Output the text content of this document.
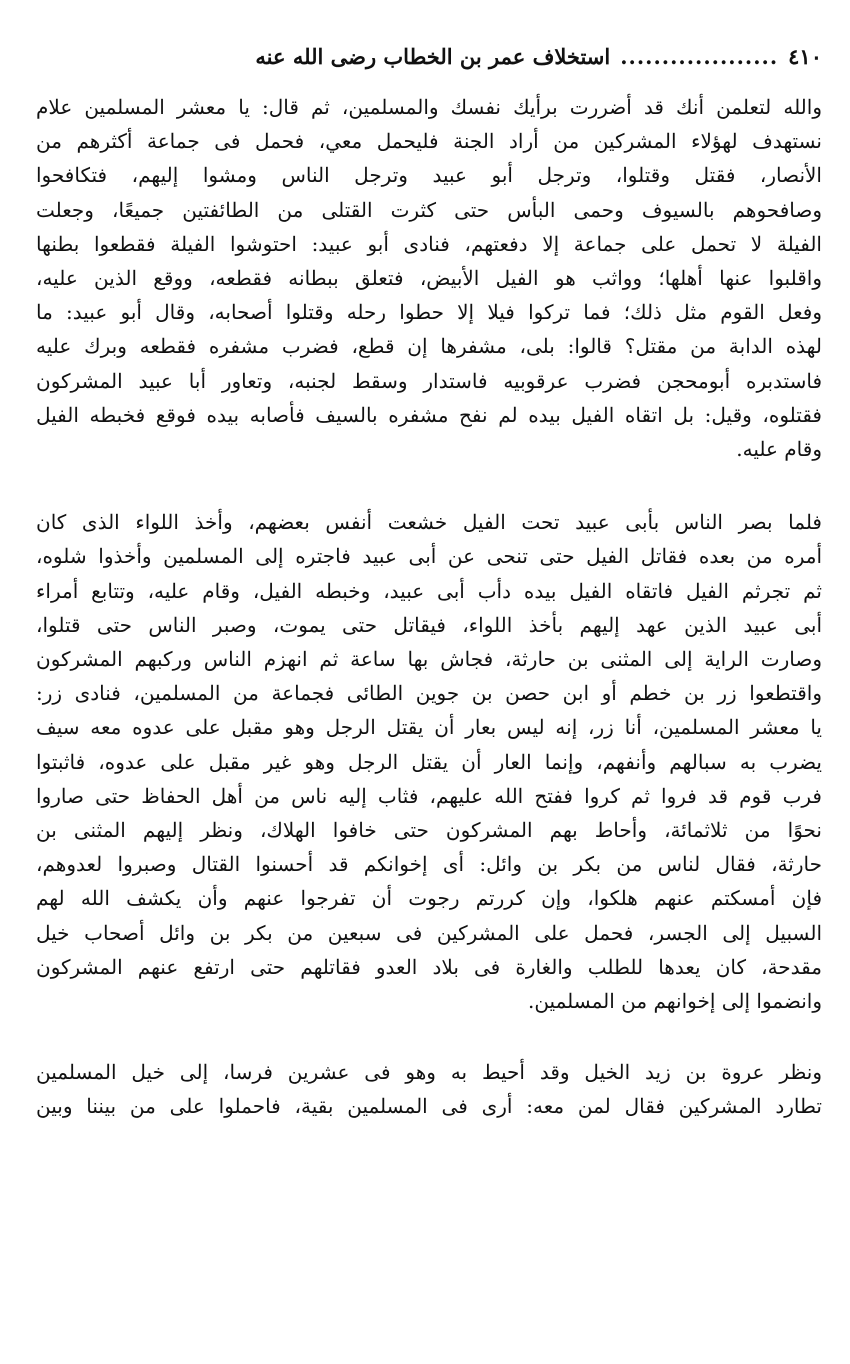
٤١٠
...................
استخلاف عمر بن الخطاب رضى الله عنه

والله لتعلمن أنك قد أضررت برأيك نفسك والمسلمين، ثم قال: يا معشر المسلمين علام
نستهدف لهؤلاء المشركين من أراد الجنة فليحمل معي، فحمل فى جماعة أكثرهم من
الأنصار، فقتل وقتلوا، وترجل أبو عبيد وترجل الناس ومشوا إليهم، فتكافحوا
وصافحوهم بالسيوف وحمى البأس حتى كثرت القتلى من الطائفتين جميعًا، وجعلت
الفيلة لا تحمل على جماعة إلا دفعتهم، فنادى أبو عبيد: احتوشوا الفيلة فقطعوا بطنها
واقلبوا عنها أهلها؛ وواثب هو الفيل الأبيض، فتعلق ببطانه فقطعه، ووقع الذين عليه،
وفعل القوم مثل ذلك؛ فما تركوا فيلا إلا حطوا رحله وقتلوا أصحابه، وقال أبو عبيد: ما
لهذه الدابة من مقتل؟ قالوا: بلى، مشفرها إن قطع، فضرب مشفره فقطعه وبرك عليه
فاستدبره أبومحجن فضرب عرقوبيه فاستدار وسقط لجنبه، وتعاور أبا عبيد المشركون
فقتلوه، وقيل: بل اتقاه الفيل بيده لم نفح مشفره بالسيف فأصابه بيده فوقع فخبطه الفيل
وقام عليه.

فلما بصر الناس بأبى عبيد تحت الفيل خشعت أنفس بعضهم، وأخذ اللواء الذى كان
أمره من بعده فقاتل الفيل حتى تنحى عن أبى عبيد فاجتره إلى المسلمين وأخذوا شلوه،
ثم تجرثم الفيل فاتقاه الفيل بيده دأب أبى عبيد، وخبطه الفيل، وقام عليه، وتتابع أمراء
أبى عبيد الذين عهد إليهم بأخذ اللواء، فيقاتل حتى يموت، وصبر الناس حتى قتلوا،
وصارت الراية إلى المثنى بن حارثة، فجاش بها ساعة ثم انهزم الناس وركبهم المشركون
واقتطعوا زر بن خطم أو ابن حصن بن جوين الطائى فجماعة من المسلمين، فنادى زر:
يا معشر المسلمين، أنا زر، إنه ليس بعار أن يقتل الرجل وهو مقبل على عدوه معه سيف
يضرب به سبالهم وأنفهم، وإنما العار أن يقتل الرجل وهو غير مقبل على عدوه، فاثبتوا
فرب قوم قد فروا ثم كروا ففتح الله عليهم، فثاب إليه ناس من أهل الحفاظ حتى صاروا
نحوًا من ثلاثمائة، وأحاط بهم المشركون حتى خافوا الهلاك، ونظر إليهم المثنى بن
حارثة، فقال لناس من بكر بن وائل: أى إخوانكم قد أحسنوا القتال وصبروا لعدوهم،
فإن أمسكتم عنهم هلكوا، وإن كررتم رجوت أن تفرجوا عنهم وأن يكشف الله لهم
السبيل إلى الجسر، فحمل على المشركين فى سبعين من بكر بن وائل أصحاب خيل
مقدحة، كان يعدها للطلب والغارة فى بلاد العدو فقاتلهم حتى ارتفع عنهم المشركون
وانضموا إلى إخوانهم من المسلمين.

ونظر عروة بن زيد الخيل وقد أحيط به وهو فى عشرين فرسا، إلى خيل المسلمين
تطارد المشركين فقال لمن معه: أرى فى المسلمين بقية، فاحملوا على من بيننا وبين
